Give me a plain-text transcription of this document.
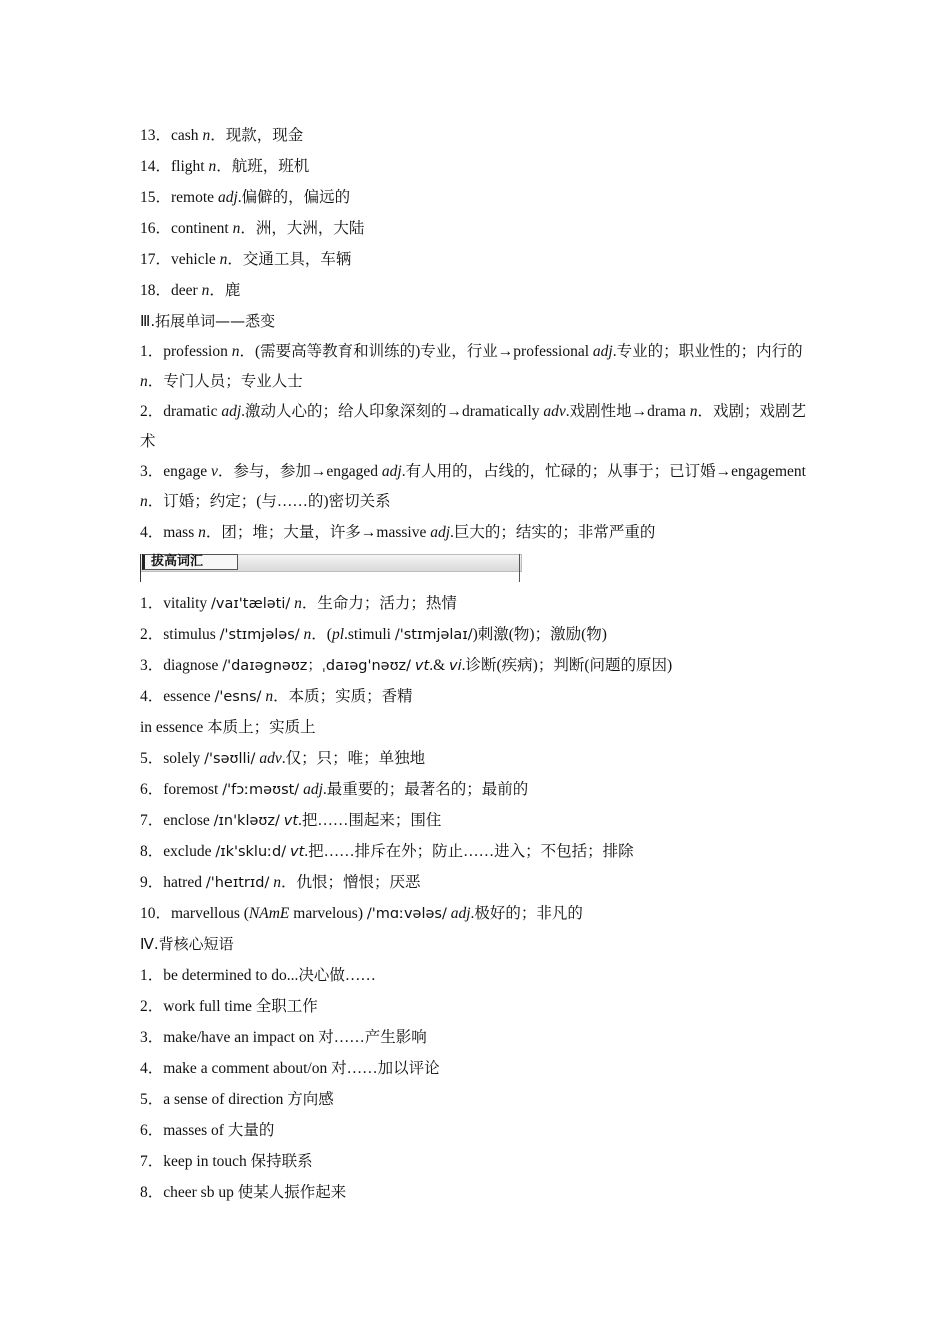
13．cash n．现款，现金
14．flight n．航班，班机
15．remote adj.偏僻的，偏远的
16．continent n．洲，大洲，大陆
17．vehicle n．交通工具，车辆
18．deer n．鹿
Ⅲ.拓展单词——悉变
1．profession n．(需要高等教育和训练的)专业，行业→professional adj.专业的；职业性的；内行的 n．专门人员；专业人士
2．dramatic adj.激动人心的；给人印象深刻的→dramatically adv.戏剧性地→drama n．戏剧；戏剧艺术
3．engage v．参与，参加→engaged adj.有人用的，占线的，忙碌的；从事于；已订婚→engagement n．订婚；约定；(与……的)密切关系
4．mass n．团；堆；大量，许多→massive adj.巨大的；结实的；非常严重的
拔高词汇
1．vitality /vaɪ'tæləti/ n．生命力；活力；热情
2．stimulus /'stɪmjələs/ n．(pl.stimuli /'stɪmjəlaɪ/)刺激(物)；激励(物)
3．diagnose /'daɪəgnəʊz；ˌdaɪəg'nəʊz/ vt.& vi.诊断(疾病)；判断(问题的原因)
4．essence /'esns/ n．本质；实质；香精
in essence 本质上；实质上
5．solely /'səʊlli/ adv.仅；只；唯；单独地
6．foremost /'fɔːməʊst/ adj.最重要的；最著名的；最前的
7．enclose /ɪn'kləʊz/ vt.把……围起来；围住
8．exclude /ɪk'skluːd/ vt.把……排斥在外；防止……进入；不包括；排除
9．hatred /'heɪtrɪd/ n．仇恨；憎恨；厌恶
10．marvellous (NAmE marvelous) /'mɑːvələs/ adj.极好的；非凡的
Ⅳ.背核心短语
1．be determined to do...决心做……
2．work full time 全职工作
3．make/have an impact on 对……产生影响
4．make a comment about/on 对……加以评论
5．a sense of direction 方向感
6．masses of 大量的
7．keep in touch 保持联系
8．cheer sb up 使某人振作起来
